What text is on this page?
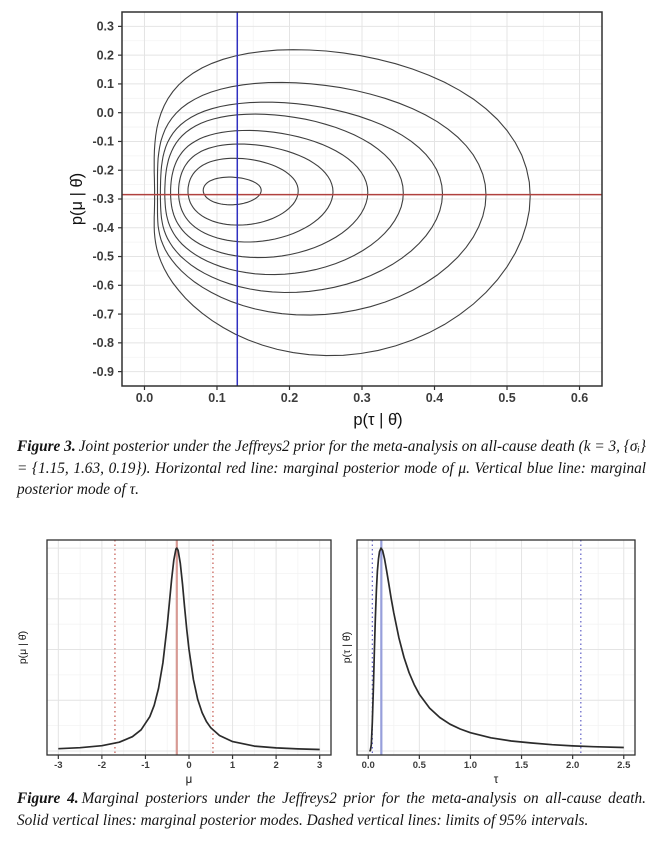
0.0	0.1	0.2	0.3	0.4	0.5	0.6
0.3
0.2
0.1
0.0
-0.1
-0.2
-0.3
-0.4
-0.5
-0.6
-0.7
-0.8
-0.9
p(τ | θ̂)
p(μ | θ̂)
Figure 3. Joint posterior under the Jeffreys2 prior for the meta-analysis on all-cause death (k = 3, {σᵢ} = {1.15, 1.63, 0.19}). Horizontal red line: marginal posterior mode of μ. Vertical blue line: marginal posterior mode of τ.
-3	-2	-1	0	1	2	3
μ
p(μ | θ̂)
0.0	0.5	1.0	1.5	2.0	2.5
τ
p(τ | θ̂)
Figure 4. Marginal posteriors under the Jeffreys2 prior for the meta-analysis on all-cause death. Solid vertical lines: marginal posterior modes. Dashed vertical lines: limits of 95% intervals.
